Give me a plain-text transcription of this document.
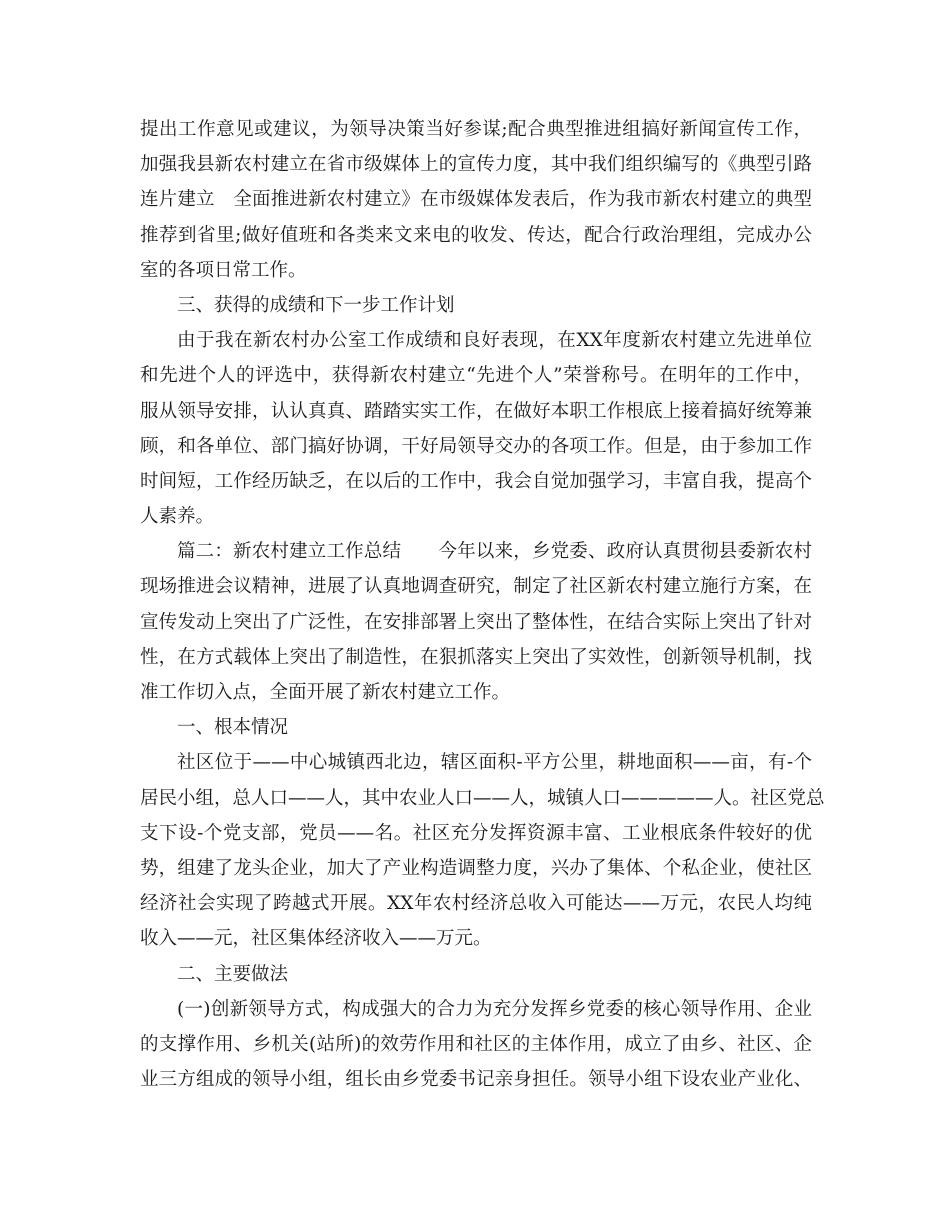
提出工作意见或建议，为领导决策当好参谋;配合典型推进组搞好新闻宣传工作，
加强我县新农村建立在省市级媒体上的宣传力度，其中我们组织编写的《典型引路
连片建立　全面推进新农村建立》在市级媒体发表后，作为我市新农村建立的典型
推荐到省里;做好值班和各类来文来电的收发、传达，配合行政治理组，完成办公
室的各项日常工作。
三、获得的成绩和下一步工作计划
由于我在新农村办公室工作成绩和良好表现，在XX年度新农村建立先进单位
和先进个人的评选中，获得新农村建立“先进个人”荣誉称号。在明年的工作中，
服从领导安排，认认真真、踏踏实实工作，在做好本职工作根底上接着搞好统筹兼
顾，和各单位、部门搞好协调，干好局领导交办的各项工作。但是，由于参加工作
时间短，工作经历缺乏，在以后的工作中，我会自觉加强学习，丰富自我，提高个
人素养。
篇二：新农村建立工作总结　　今年以来，乡党委、政府认真贯彻县委新农村
现场推进会议精神，进展了认真地调查研究，制定了社区新农村建立施行方案，在
宣传发动上突出了广泛性，在安排部署上突出了整体性，在结合实际上突出了针对
性，在方式载体上突出了制造性，在狠抓落实上突出了实效性，创新领导机制，找
准工作切入点，全面开展了新农村建立工作。
一、根本情况
社区位于——中心城镇西北边，辖区面积-平方公里，耕地面积——亩，有-个
居民小组，总人口——人，其中农业人口——人，城镇人口—————人。社区党总
支下设-个党支部，党员——名。社区充分发挥资源丰富、工业根底条件较好的优
势，组建了龙头企业，加大了产业构造调整力度，兴办了集体、个私企业，使社区
经济社会实现了跨越式开展。XX年农村经济总收入可能达——万元，农民人均纯
收入——元，社区集体经济收入——万元。
二、主要做法
(一)创新领导方式，构成强大的合力为充分发挥乡党委的核心领导作用、企业
的支撑作用、乡机关(站所)的效劳作用和社区的主体作用，成立了由乡、社区、企
业三方组成的领导小组，组长由乡党委书记亲身担任。领导小组下设农业产业化、
